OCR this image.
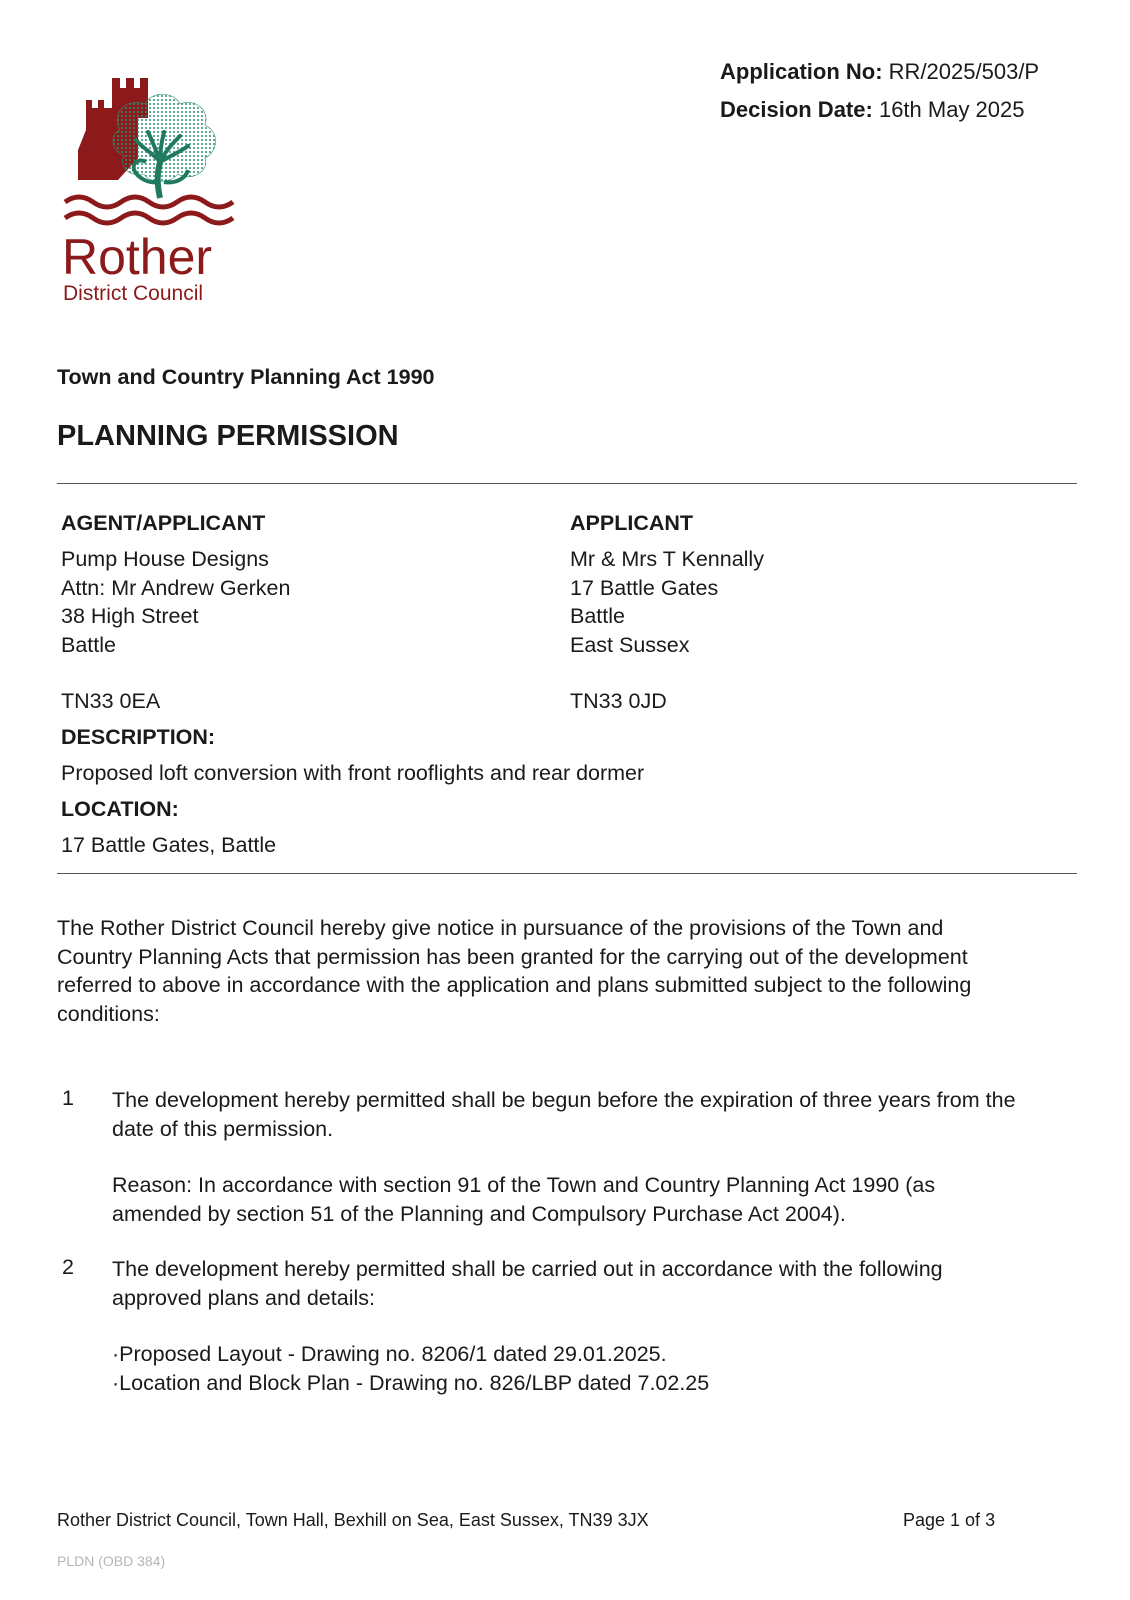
Rother
District Council
Application No: RR/2025/503/P
Decision Date: 16th May 2025
Town and Country Planning Act 1990
PLANNING PERMISSION
AGENT/APPLICANT
Pump House Designs
Attn: Mr Andrew Gerken
38 High Street
Battle
TN33 0EA
APPLICANT
Mr & Mrs T Kennally
17 Battle Gates
Battle
East Sussex
TN33 0JD
DESCRIPTION:
Proposed loft conversion with front rooflights and rear dormer
LOCATION:
17 Battle Gates, Battle
The Rother District Council hereby give notice in pursuance of the provisions of the Town and
Country Planning Acts that permission has been granted for the carrying out of the development
referred to above in accordance with the application and plans submitted subject to the following
conditions:
1 The development hereby permitted shall be begun before the expiration of three years from the
date of this permission.
Reason: In accordance with section 91 of the Town and Country Planning Act 1990 (as
amended by section 51 of the Planning and Compulsory Purchase Act 2004).
2 The development hereby permitted shall be carried out in accordance with the following
approved plans and details:
·Proposed Layout - Drawing no. 8206/1 dated 29.01.2025.
·Location and Block Plan - Drawing no. 826/LBP dated 7.02.25
Rother District Council, Town Hall, Bexhill on Sea, East Sussex, TN39 3JX	Page 1 of 3
PLDN (OBD 384)
